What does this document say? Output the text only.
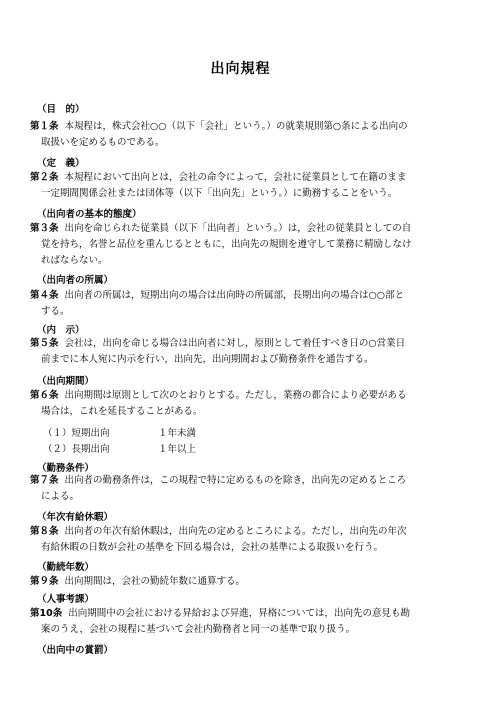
出向規程
（目　的）
第１条 本規程は，株式会社○○（以下「会社」という。）の就業規則第○条による出向の
取扱いを定めるものである。
（定　義）
第２条 本規程において出向とは，会社の命令によって，会社に従業員として在籍のまま
一定期間関係会社または団体等（以下「出向先」という。）に勤務することをいう。
（出向者の基本的態度）
第３条 出向を命じられた従業員（以下「出向者」という。）は，会社の従業員としての自
覚を持ち，名誉と品位を重んじるとともに，出向先の規則を遵守して業務に精励しなけ
ればならない。
（出向者の所属）
第４条 出向者の所属は，短期出向の場合は出向時の所属部，長期出向の場合は○○部と
する。
（内　示）
第５条 会社は，出向を命じる場合は出向者に対し，原則として着任すべき日の○営業日
前までに本人宛に内示を行い，出向先，出向期間および勤務条件を通告する。
（出向期間）
第６条 出向期間は原則として次のとおりとする。ただし，業務の都合により必要がある
場合は，これを延長することがある。
（１）短期出向	１年未満
（２）長期出向	１年以上
（勤務条件）
第７条 出向者の勤務条件は，この規程で特に定めるものを除き，出向先の定めるところ
による。
（年次有給休暇）
第８条 出向者の年次有給休暇は，出向先の定めるところによる。ただし，出向先の年次
有給休暇の日数が会社の基準を下回る場合は，会社の基準による取扱いを行う。
（勤続年数）
第９条 出向期間は，会社の勤続年数に通算する。
（人事考課）
第10条 出向期間中の会社における昇給および昇進，昇格については，出向先の意見も勘
案のうえ，会社の規程に基づいて会社内勤務者と同一の基準で取り扱う。
（出向中の賞罰）
